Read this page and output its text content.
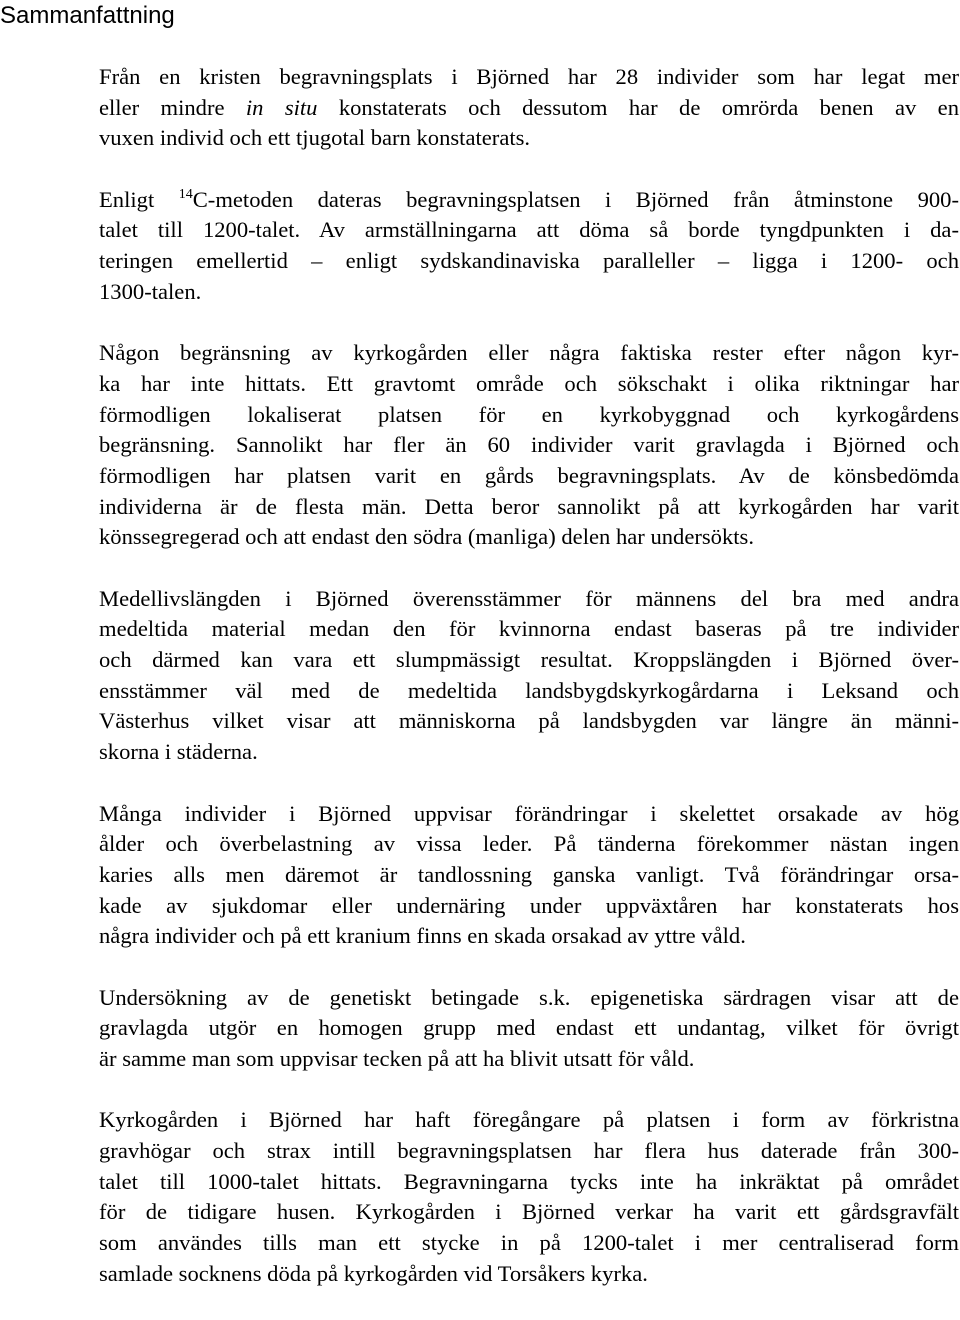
Sammanfattning
Från en kristen begravningsplats i Björned har 28 individer som har legat mer
eller mindre in situ konstaterats och dessutom har de omrörda benen av en
vuxen individ och ett tjugotal barn konstaterats.
Enligt $^{14}$C-metoden dateras begravningsplatsen i Björned från åtminstone 900-
talet till 1200-talet. Av armställningarna att döma så borde tyngdpunkten i da-
teringen emellertid – enligt sydskandinaviska paralleller – ligga i 1200- och
1300-talen.
Någon begränsning av kyrkogården eller några faktiska rester efter någon kyr-
ka har inte hittats. Ett gravtomt område och sökschakt i olika riktningar har
förmodligen lokaliserat platsen för en kyrkobyggnad och kyrkogårdens
begränsning. Sannolikt har fler än 60 individer varit gravlagda i Björned och
förmodligen har platsen varit en gårds begravningsplats. Av de könsbedömda
individerna är de flesta män. Detta beror sannolikt på att kyrkogården har varit
könssegregerad och att endast den södra (manliga) delen har undersökts.
Medellivslängden i Björned överensstämmer för männens del bra med andra
medeltida material medan den för kvinnorna endast baseras på tre individer
och därmed kan vara ett slumpmässigt resultat. Kroppslängden i Björned över-
ensstämmer väl med de medeltida landsbygdskyrkogårdarna i Leksand och
Västerhus vilket visar att människorna på landsbygden var längre än männi-
skorna i städerna.
Många individer i Björned uppvisar förändringar i skelettet orsakade av hög
ålder och överbelastning av vissa leder. På tänderna förekommer nästan ingen
karies alls men däremot är tandlossning ganska vanligt. Två förändringar orsa-
kade av sjukdomar eller undernäring under uppväxtåren har konstaterats hos
några individer och på ett kranium finns en skada orsakad av yttre våld.
Undersökning av de genetiskt betingade s.k. epigenetiska särdragen visar att de
gravlagda utgör en homogen grupp med endast ett undantag, vilket för övrigt
är samme man som uppvisar tecken på att ha blivit utsatt för våld.
Kyrkogården i Björned har haft föregångare på platsen i form av förkristna
gravhögar och strax intill begravningsplatsen har flera hus daterade från 300-
talet till 1000-talet hittats. Begravningarna tycks inte ha inkräktat på området
för de tidigare husen. Kyrkogården i Björned verkar ha varit ett gårdsgravfält
som användes tills man ett stycke in på 1200-talet i mer centraliserad form
samlade socknens döda på kyrkogården vid Torsåkers kyrka.
